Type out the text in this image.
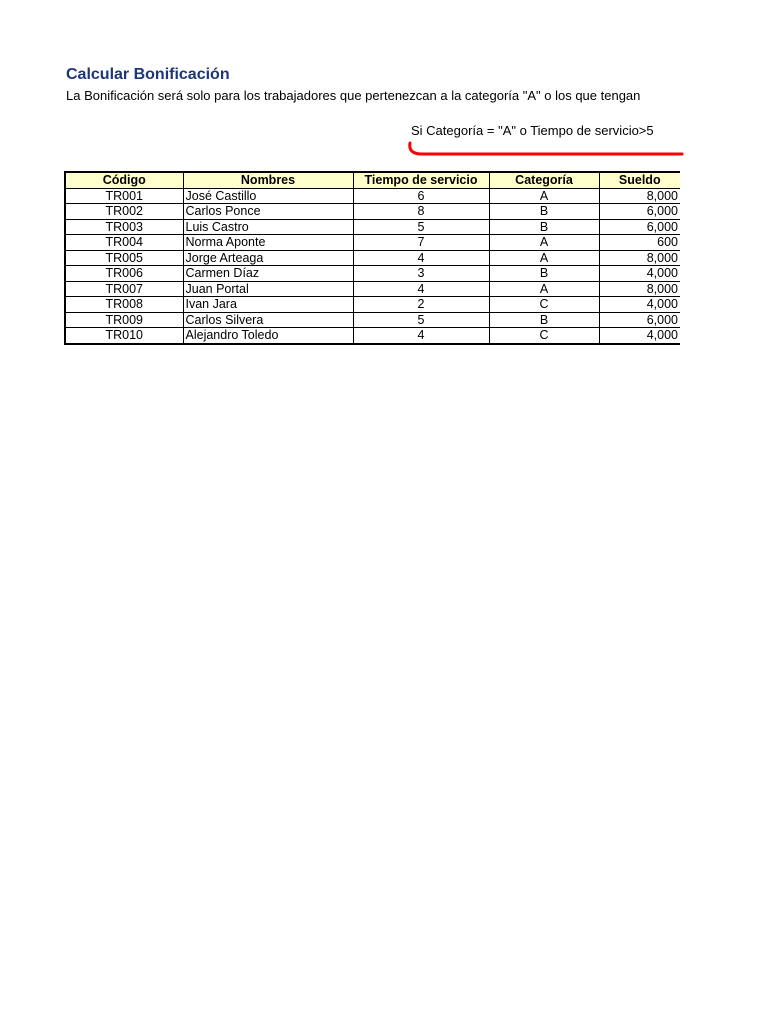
Calcular Bonificación
La Bonificación será solo para los trabajadores que pertenezcan a la categoría "A" o los que tengan
Si Categoría = "A" o Tiempo de servicio>5
Código	Nombres	Tiempo de servicio	Categoría	Sueldo
TR001	José Castillo	6	A	8,000
TR002	Carlos Ponce	8	B	6,000
TR003	Luis Castro	5	B	6,000
TR004	Norma Aponte	7	A	600
TR005	Jorge Arteaga	4	A	8,000
TR006	Carmen Díaz	3	B	4,000
TR007	Juan Portal	4	A	8,000
TR008	Ivan Jara	2	C	4,000
TR009	Carlos Silvera	5	B	6,000
TR010	Alejandro Toledo	4	C	4,000
